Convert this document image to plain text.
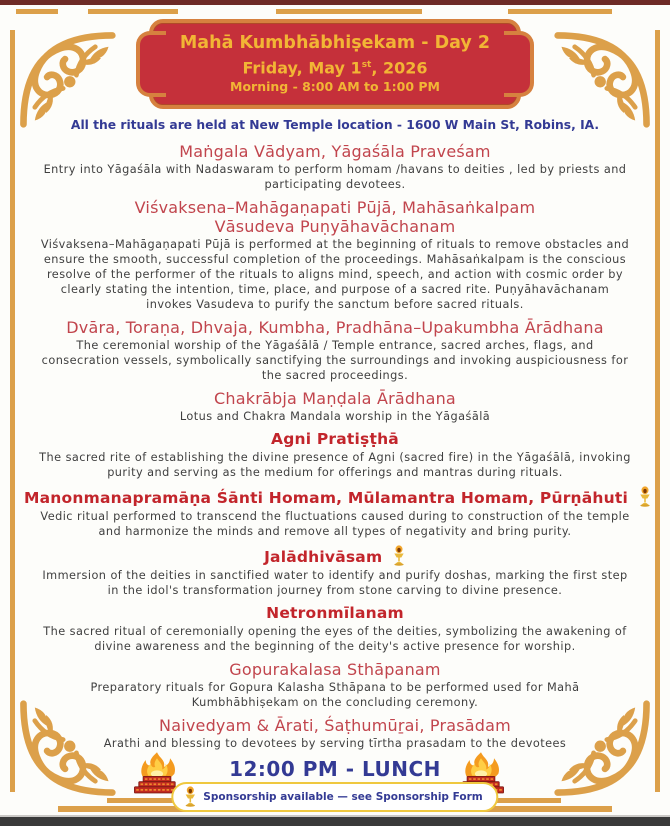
Mahā Kumbhābhiṣekam - Day 2
Friday, May 1st, 2026
Morning - 8:00 AM to 1:00 PM
All the rituals are held at New Temple location - 1600 W Main St, Robins, IA.
Maṅgala Vādyam, Yāgaśāla Praveśam
Entry into Yāgaśāla with Nadaswaram to perform homam /havans to deities , led by priests and participating devotees.
Viśvaksena–Mahāgaṇapati Pūjā, Mahāsaṅkalpam
Vāsudeva Puṇyāhavāchanam
Viśvaksena–Mahāgaṇapati Pūjā is performed at the beginning of rituals to remove obstacles and ensure the smooth, successful completion of the proceedings. Mahāsaṅkalpam is the conscious resolve of the performer of the rituals to aligns mind, speech, and action with cosmic order by clearly stating the intention, time, place, and purpose of a sacred rite. Puṇyāhavāchanam invokes Vasudeva to purify the sanctum before sacred rituals.
Dvāra, Toraṇa, Dhvaja, Kumbha, Pradhāna–Upakumbha Ārādhana
The ceremonial worship of the Yāgaśālā / Temple entrance, sacred arches, flags, and consecration vessels, symbolically sanctifying the surroundings and invoking auspiciousness for the sacred proceedings.
Chakrābja Maṇḍala Ārādhana
Lotus and Chakra Mandala worship in the Yāgaśālā
Agni Pratiṣṭhā
The sacred rite of establishing the divine presence of Agni (sacred fire) in the Yāgaśālā, invoking purity and serving as the medium for offerings and mantras during rituals.
Manonmanapramāṇa Śānti Homam, Mūlamantra Homam, Pūrṇāhuti
Vedic ritual performed to transcend the fluctuations caused during to construction of the temple and harmonize the minds and remove all types of negativity and bring purity.
Jalādhivāsam
Immersion of the deities in sanctified water to identify and purify doshas, marking the first step in the idol's transformation journey from stone carving to divine presence.
Netronmīlanam
The sacred ritual of ceremonially opening the eyes of the deities, symbolizing the awakening of divine awareness and the beginning of the deity's active presence for worship.
Gopurakalasa Sthāpanam
Preparatory rituals for Gopura Kalasha Sthāpana to be performed used for Mahā Kumbhābhiṣekam on the concluding ceremony.
Naivedyam & Ārati, Śaṭhumūṟai, Prasādam
Arathi and blessing to devotees by serving tīrtha prasadam to the devotees
12:00 PM - LUNCH
Sponsorship available — see Sponsorship Form
